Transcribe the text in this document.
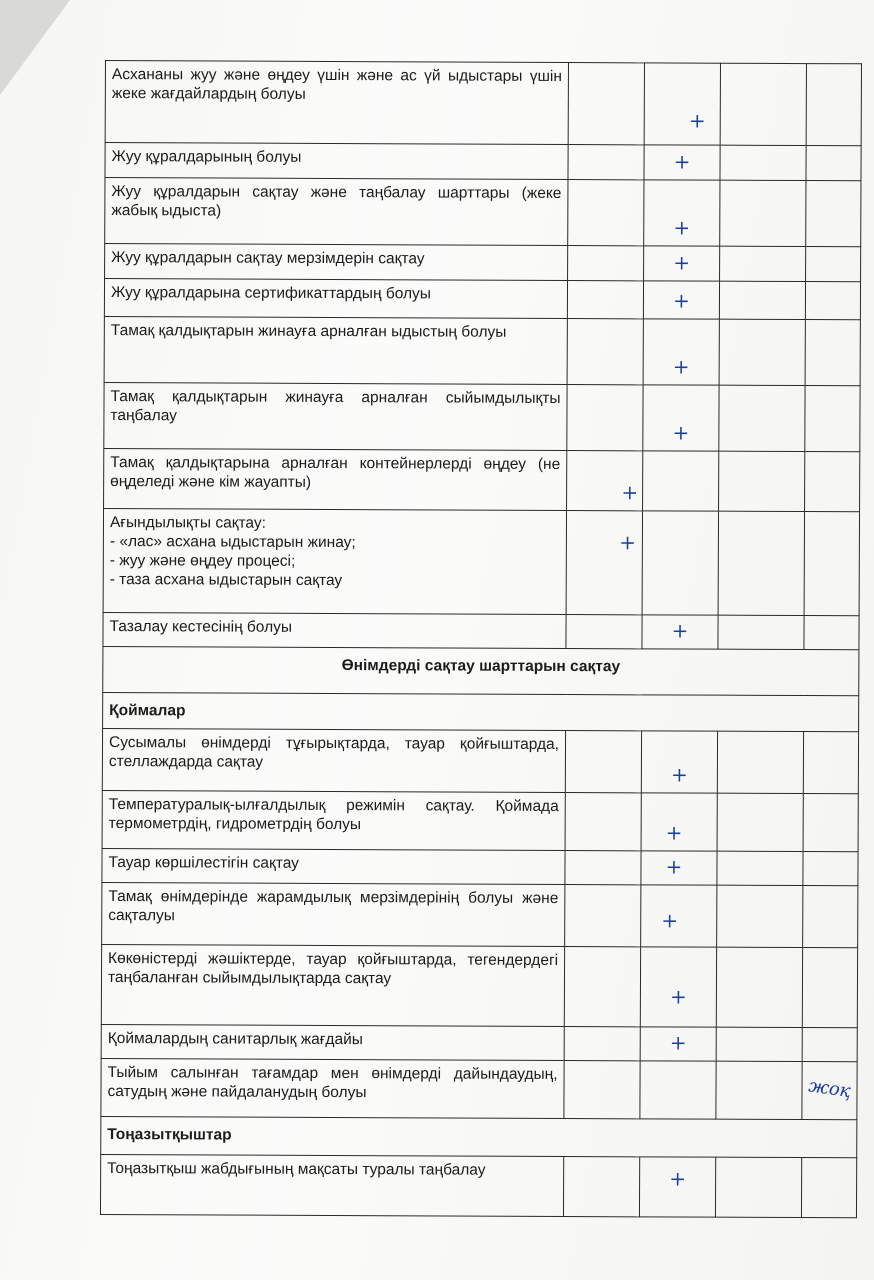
Асхананы жуу және өңдеу үшін және ас үй ыдыстары үшін жеке жағдайлардың болуы		+		
Жуу құралдарының болуы		+		
Жуу құралдарын сақтау және таңбалау шарттары (жеке жабық ыдыста)		+		
Жуу құралдарын сақтау мерзімдерін сақтау		+		
Жуу құралдарына сертификаттардың болуы		+		
Тамақ қалдықтарын жинауға арналған ыдыстың болуы		+		
Тамақ қалдықтарын жинауға арналған сыйымдылықты таңбалау		+		
Тамақ қалдықтарына арналған контейнерлерді өңдеу (не өңделеді және кім жауапты)	+			
Ағындылықты сақтау:
- «лас» асхана ыдыстарын жинау;
- жуу және өңдеу процесі;
- таза асхана ыдыстарын сақтау	+			
Тазалау кестесінің болуы		+		
Өнімдерді сақтау шарттарын сақтау				
Қоймалар				
Сусымалы өнімдерді тұғырықтарда, тауар қойғыштарда, стеллаждарда сақтау		+		
Температуралық-ылғалдылық режимін сақтау. Қоймада термометрдің, гидрометрдің болуы		+		
Тауар көршілестігін сақтау		+		
Тамақ өнімдерінде жарамдылық мерзімдерінің болуы және сақталуы		+		
Көкөністерді жәшіктерде, тауар қойғыштарда, тегендердегі таңбаланған сыйымдылықтарда сақтау		+		
Қоймалардың санитарлық жағдайы		+		
Тыйым салынған тағамдар мен өнімдерді дайындаудың, сатудың және пайдаланудың болуы				жоқ
Тоңазытқыштар				
Тоңазытқыш жабдығының мақсаты туралы таңбалау		+		
